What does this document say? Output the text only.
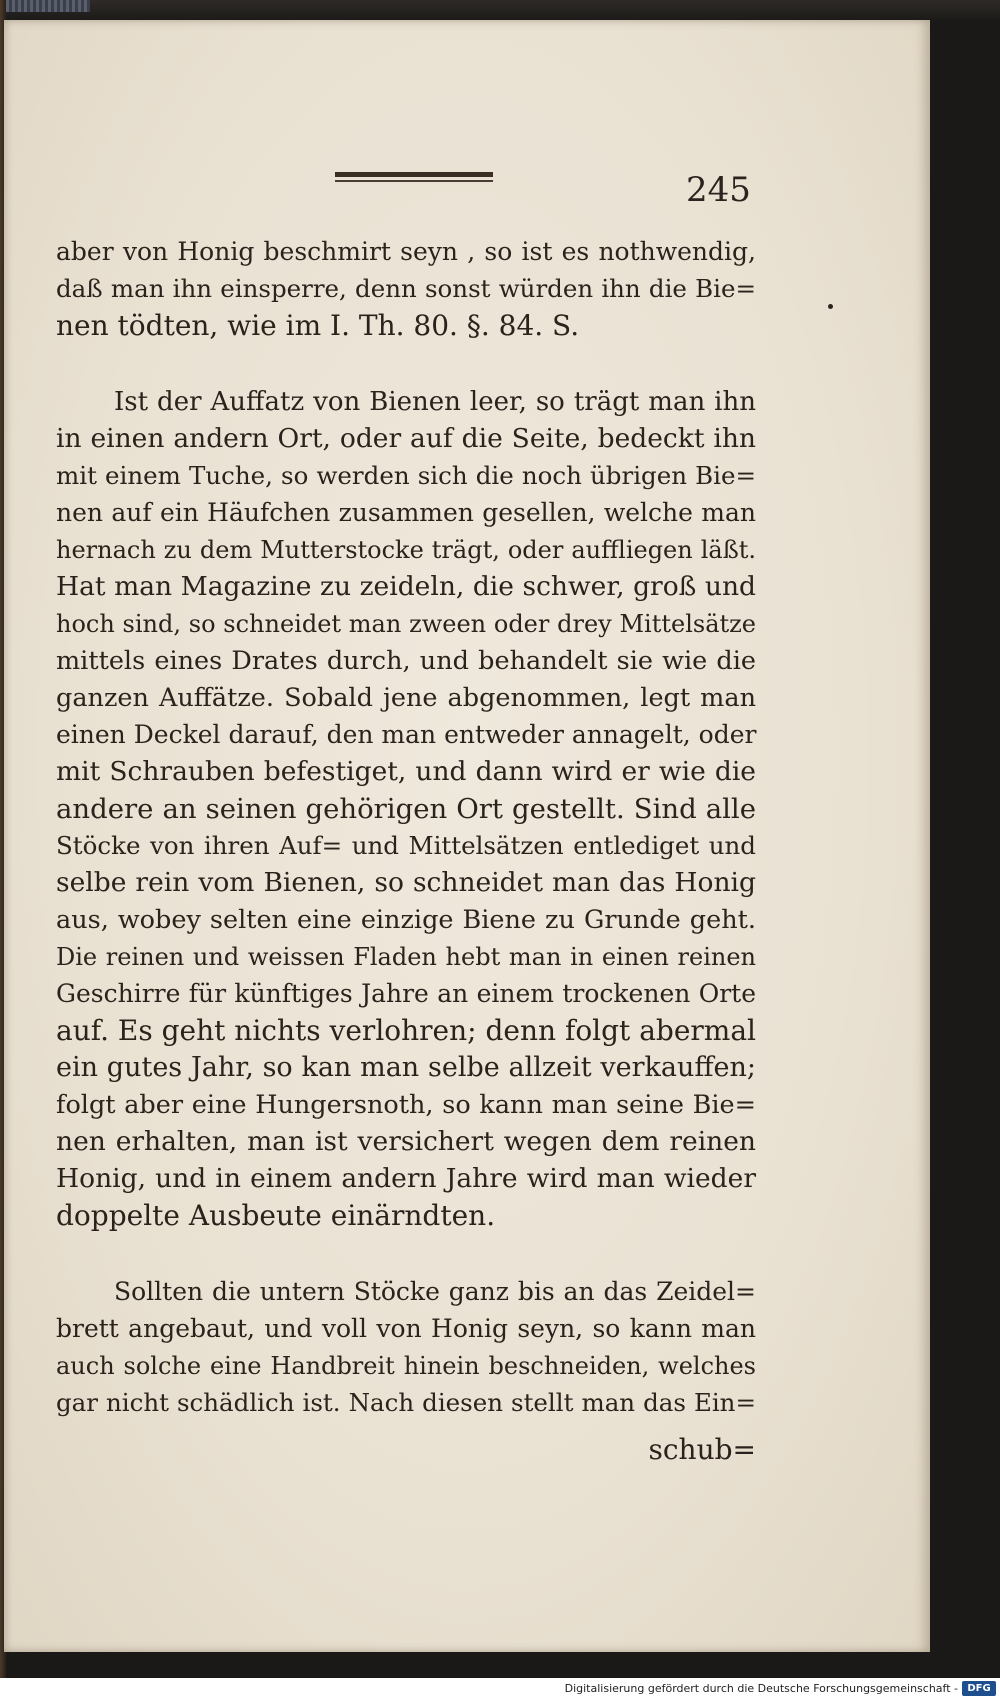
245
aber von Honig beschmirt seyn , so ist es nothwendig,
daß man ihn einsperre, denn sonst würden ihn die Bie=
nen tödten, wie im I. Th. 80. §. 84. S.
Ist der Auffatz von Bienen leer, so trägt man ihn
in einen andern Ort, oder auf die Seite, bedeckt ihn
mit einem Tuche, so werden sich die noch übrigen Bie=
nen auf ein Häufchen zusammen gesellen, welche man
hernach zu dem Mutterstocke trägt, oder auffliegen läßt.
Hat man Magazine zu zeideln, die schwer, groß und
hoch sind, so schneidet man zween oder drey Mittelsätze
mittels eines Drates durch, und behandelt sie wie die
ganzen Auffätze. Sobald jene abgenommen, legt man
einen Deckel darauf, den man entweder annagelt, oder
mit Schrauben befestiget, und dann wird er wie die
andere an seinen gehörigen Ort gestellt. Sind alle
Stöcke von ihren Auf= und Mittelsätzen entlediget und
selbe rein vom Bienen, so schneidet man das Honig
aus, wobey selten eine einzige Biene zu Grunde geht.
Die reinen und weissen Fladen hebt man in einen reinen
Geschirre für künftiges Jahre an einem trockenen Orte
auf. Es geht nichts verlohren; denn folgt abermal
ein gutes Jahr, so kan man selbe allzeit verkauffen;
folgt aber eine Hungersnoth, so kann man seine Bie=
nen erhalten, man ist versichert wegen dem reinen
Honig, und in einem andern Jahre wird man wieder
doppelte Ausbeute einärndten.
Sollten die untern Stöcke ganz bis an das Zeidel=
brett angebaut, und voll von Honig seyn, so kann man
auch solche eine Handbreit hinein beschneiden, welches
gar nicht schädlich ist. Nach diesen stellt man das Ein=
schub=
Digitalisierung gefördert durch die Deutsche Forschungsgemeinschaft - DFG
